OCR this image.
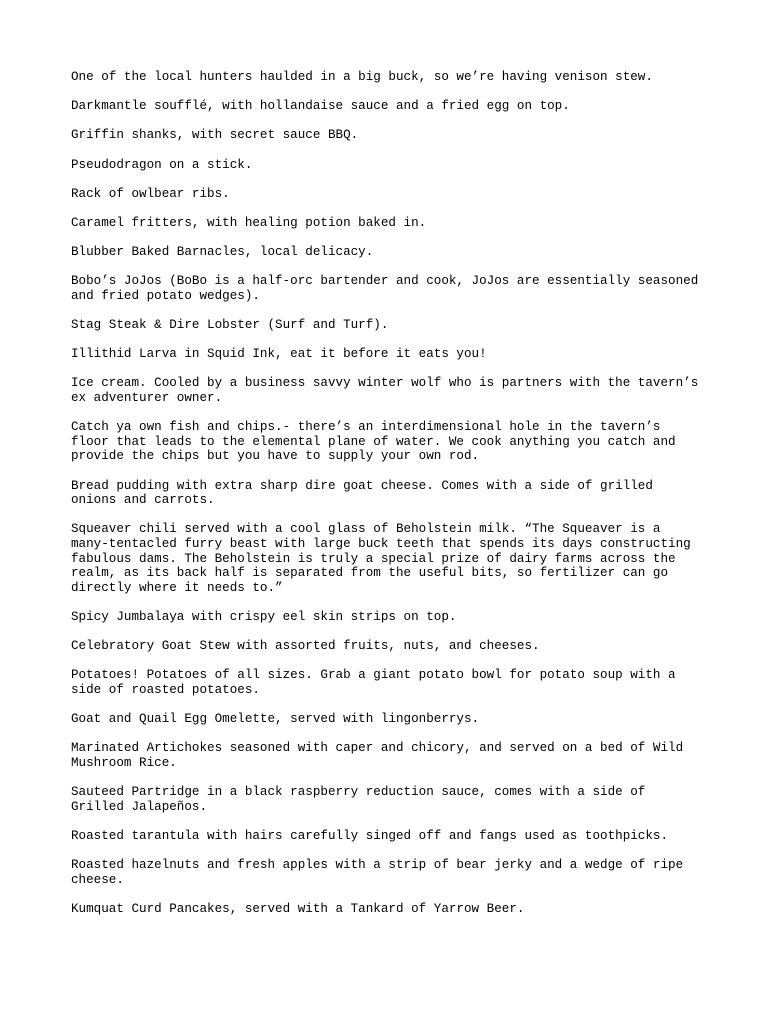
One of the local hunters haulded in a big buck, so we’re having venison stew.

Darkmantle soufflé, with hollandaise sauce and a fried egg on top.

Griffin shanks, with secret sauce BBQ.

Pseudodragon on a stick.

Rack of owlbear ribs.

Caramel fritters, with healing potion baked in.

Blubber Baked Barnacles, local delicacy.

Bobo’s JoJos (BoBo is a half-orc bartender and cook, JoJos are essentially seasoned
and fried potato wedges).

Stag Steak & Dire Lobster (Surf and Turf).

Illithid Larva in Squid Ink, eat it before it eats you!

Ice cream. Cooled by a business savvy winter wolf who is partners with the tavern’s
ex adventurer owner.

Catch ya own fish and chips.- there’s an interdimensional hole in the tavern’s
floor that leads to the elemental plane of water. We cook anything you catch and
provide the chips but you have to supply your own rod.

Bread pudding with extra sharp dire goat cheese. Comes with a side of grilled
onions and carrots.

Squeaver chili served with a cool glass of Beholstein milk. “The Squeaver is a
many-tentacled furry beast with large buck teeth that spends its days constructing
fabulous dams. The Beholstein is truly a special prize of dairy farms across the
realm, as its back half is separated from the useful bits, so fertilizer can go
directly where it needs to.”

Spicy Jumbalaya with crispy eel skin strips on top.

Celebratory Goat Stew with assorted fruits, nuts, and cheeses.

Potatoes! Potatoes of all sizes. Grab a giant potato bowl for potato soup with a
side of roasted potatoes.

Goat and Quail Egg Omelette, served with lingonberrys.

Marinated Artichokes seasoned with caper and chicory, and served on a bed of Wild
Mushroom Rice.

Sauteed Partridge in a black raspberry reduction sauce, comes with a side of
Grilled Jalapeños.

Roasted tarantula with hairs carefully singed off and fangs used as toothpicks.

Roasted hazelnuts and fresh apples with a strip of bear jerky and a wedge of ripe
cheese.

Kumquat Curd Pancakes, served with a Tankard of Yarrow Beer.
